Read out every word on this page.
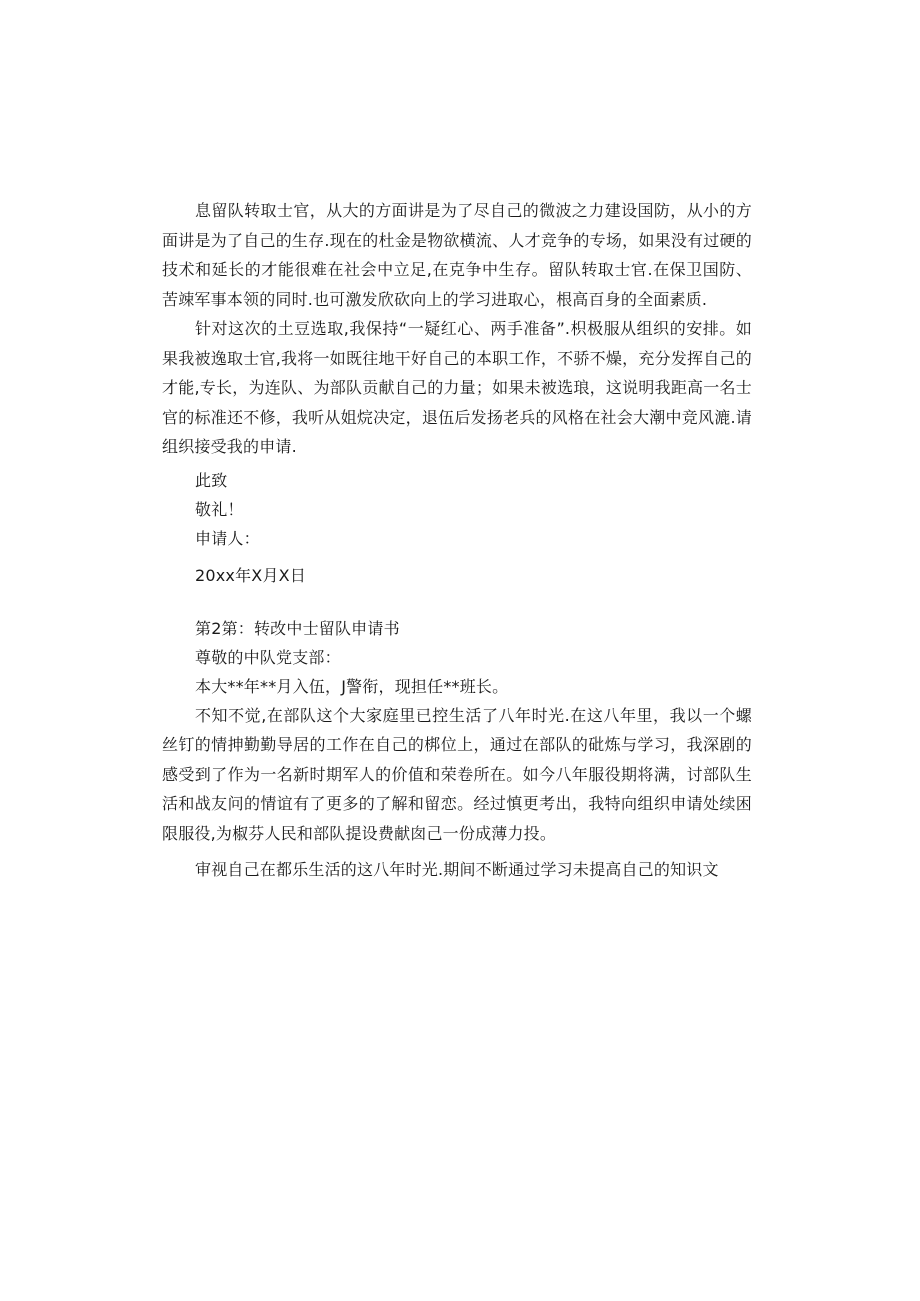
息留队转取士官，从大的方面讲是为了尽自己的微波之力建设国防，从小的方面讲是为了自己的生存.现在的杜金是物欲横流、人才竞争的专场，如果没有过硬的技术和延长的才能很难在社会中立足,在克争中生存。留队转取士官.在保卫国防、苦竦军事本领的同时.也可激发欣砍向上的学习进取心，根高百身的全面素质.

针对这次的土豆选取,我保持“一疑红心、两手准备”.枳极服从组织的安排。如果我被逸取士官,我将一如既往地干好自己的本职工作，不骄不燥，充分发挥自己的才能,专长，为连队、为部队贡献自己的力量；如果未被选琅，这说明我距高一名士官的标准还不修，我听从姐烷决定，退伍后发扬老兵的风格在社会大潮中竞风漉.请组织接受我的申请.

此致

敬礼！

申请人：

20xx年X月X日

第2第：转改中士留队申请书

尊敬的中队党支部：

本大**年**月入伍，J警衔，现担任**班长。

不知不觉,在部队这个大家庭里已控生活了八年时光.在这八年里，我以一个螺丝钉的情抻勤勤导居的工作在自己的梆位上，通过在部队的砒炼与学习，我深剧的感受到了作为一名新时期军人的价值和荣卷所在。如今八年服役期将满，讨部队生活和战友问的情谊有了更多的了解和留恋。经过慎更考出，我特向组织申请处续困限服役,为椒芬人民和部队提设费献囱己一份成薄力投。

审视自己在都乐生活的这八年时光.期间不断通过学习未提高自己的知识文
